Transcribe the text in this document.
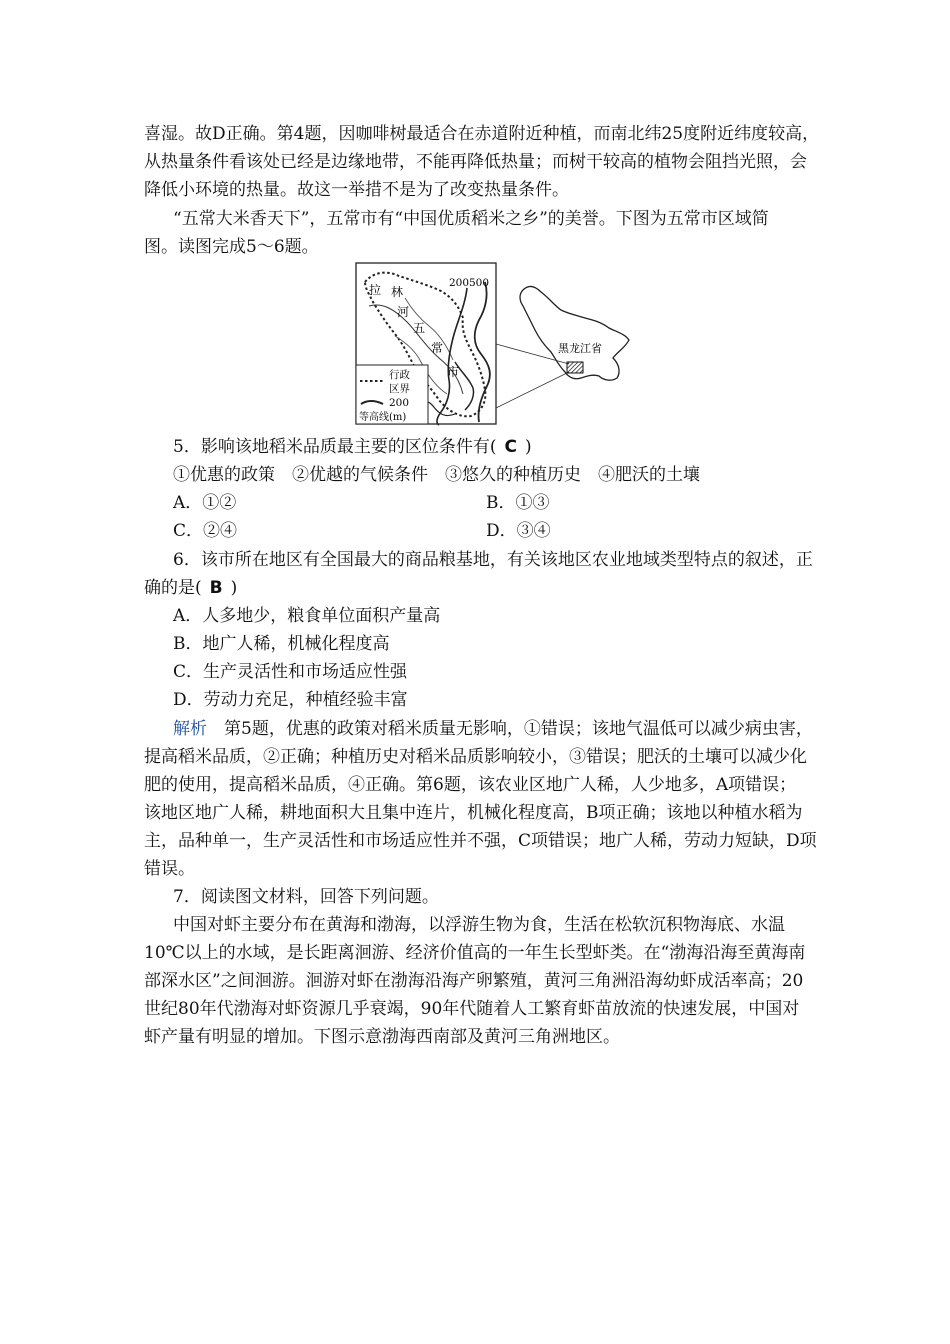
喜湿。故D正确。第4题，因咖啡树最适合在赤道附近种植，而南北纬25度附近纬度较高，
从热量条件看该处已经是边缘地带，不能再降低热量；而树干较高的植物会阻挡光照，会
降低小环境的热量。故这一举措不是为了改变热量条件。
“五常大米香天下”，五常市有“中国优质稻米之乡”的美誉。下图为五常市区域简
图。读图完成5～6题。
拉 林
河
五
常
市
200 500
行政
区界
200
等高线(m)
黑龙江省
5．影响该地稻米品质最主要的区位条件有( C )
①优惠的政策　②优越的气候条件　③悠久的种植历史　④肥沃的土壤
A．①②	B．①③
C．②④	D．③④
6．该市所在地区有全国最大的商品粮基地，有关该地区农业地域类型特点的叙述，正
确的是( B )
A．人多地少，粮食单位面积产量高
B．地广人稀，机械化程度高
C．生产灵活性和市场适应性强
D．劳动力充足，种植经验丰富
解析　第5题，优惠的政策对稻米质量无影响，①错误；该地气温低可以减少病虫害，
提高稻米品质，②正确；种植历史对稻米品质影响较小，③错误；肥沃的土壤可以减少化
肥的使用，提高稻米品质，④正确。第6题，该农业区地广人稀，人少地多，A项错误；
该地区地广人稀，耕地面积大且集中连片，机械化程度高，B项正确；该地以种植水稻为
主，品种单一，生产灵活性和市场适应性并不强，C项错误；地广人稀，劳动力短缺，D项
错误。
7．阅读图文材料，回答下列问题。
中国对虾主要分布在黄海和渤海，以浮游生物为食，生活在松软沉积物海底、水温
10℃以上的水域，是长距离洄游、经济价值高的一年生长型虾类。在“渤海沿海至黄海南
部深水区”之间洄游。洄游对虾在渤海沿海产卵繁殖，黄河三角洲沿海幼虾成活率高；20
世纪80年代渤海对虾资源几乎衰竭，90年代随着人工繁育虾苗放流的快速发展，中国对
虾产量有明显的增加。下图示意渤海西南部及黄河三角洲地区。
